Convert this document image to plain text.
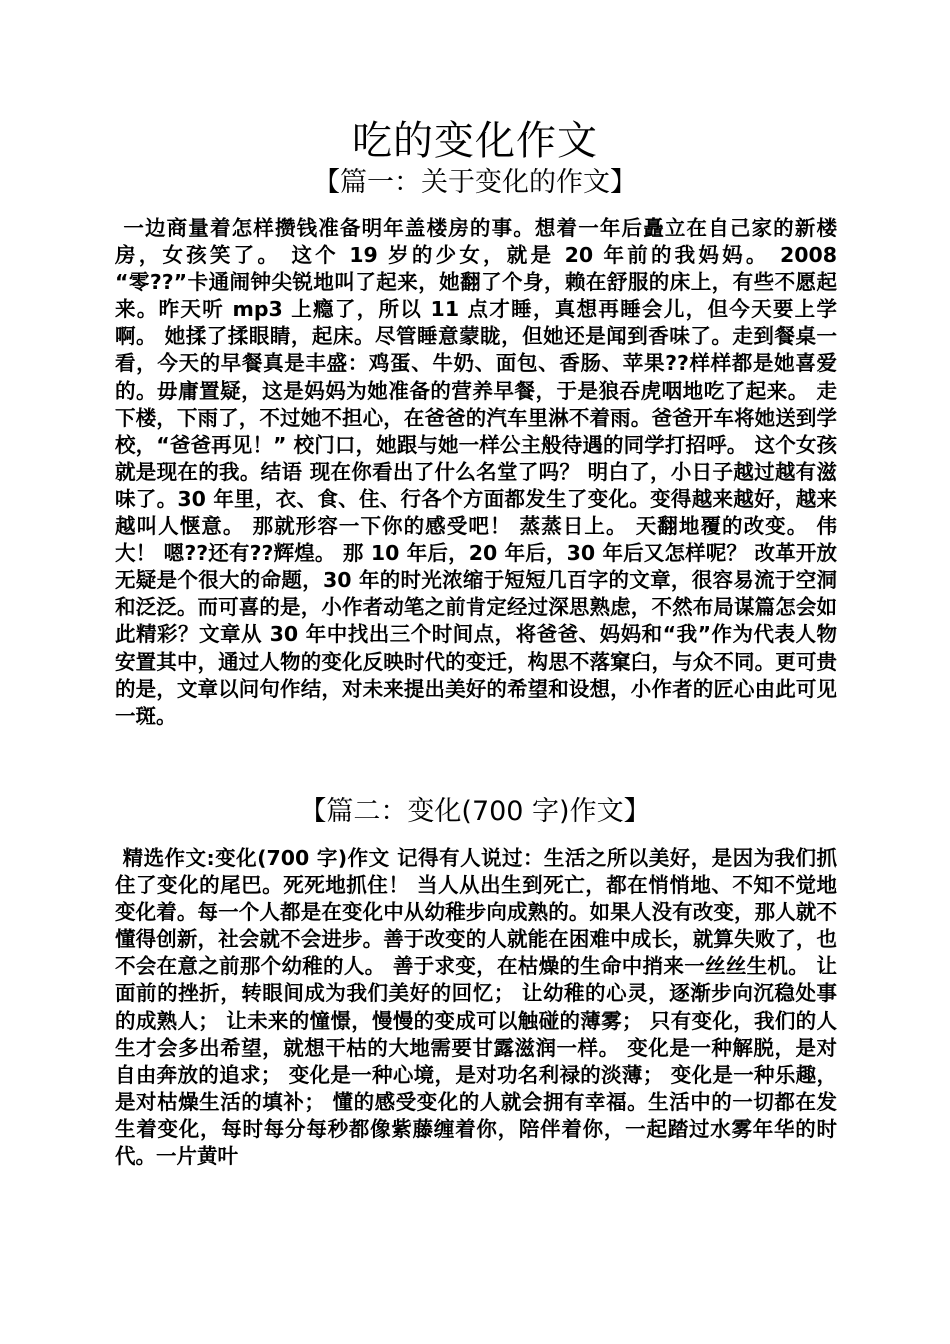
吃的变化作文
【篇一：关于变化的作文】

一边商量着怎样攒钱准备明年盖楼房的事。想着一年后矗立在自己家的新楼房，女孩笑了。 这个 19 岁的少女，就是 20 年前的我妈妈。 2008 “零??”卡通闹钟尖锐地叫了起来，她翻了个身，赖在舒服的床上，有些不愿起来。昨天听 mp3 上瘾了，所以 11 点才睡，真想再睡会儿，但今天要上学啊。 她揉了揉眼睛，起床。尽管睡意蒙眬，但她还是闻到香味了。走到餐桌一看，今天的早餐真是丰盛：鸡蛋、牛奶、面包、香肠、苹果??样样都是她喜爱的。毋庸置疑，这是妈妈为她准备的营养早餐，于是狼吞虎咽地吃了起来。 走下楼，下雨了，不过她不担心，在爸爸的汽车里淋不着雨。爸爸开车将她送到学校，“爸爸再见！” 校门口，她跟与她一样公主般待遇的同学打招呼。 这个女孩就是现在的我。结语 现在你看出了什么名堂了吗？ 明白了，小日子越过越有滋味了。30 年里，衣、食、住、行各个方面都发生了变化。变得越来越好，越来越叫人惬意。 那就形容一下你的感受吧！ 蒸蒸日上。 天翻地覆的改变。 伟大！ 嗯??还有??辉煌。 那 10 年后，20 年后，30 年后又怎样呢？ 改革开放无疑是个很大的命题，30 年的时光浓缩于短短几百字的文章，很容易流于空洞和泛泛。而可喜的是，小作者动笔之前肯定经过深思熟虑，不然布局谋篇怎会如此精彩？文章从 30 年中找出三个时间点，将爸爸、妈妈和“我”作为代表人物安置其中，通过人物的变化反映时代的变迁，构思不落窠臼，与众不同。更可贵的是，文章以问句作结，对未来提出美好的希望和设想，小作者的匠心由此可见一斑。

【篇二：变化(700 字)作文】

精选作文:变化(700 字)作文 记得有人说过：生活之所以美好，是因为我们抓住了变化的尾巴。死死地抓住！ 当人从出生到死亡，都在悄悄地、不知不觉地变化着。每一个人都是在变化中从幼稚步向成熟的。如果人没有改变，那人就不懂得创新，社会就不会进步。善于改变的人就能在困难中成长，就算失败了，也不会在意之前那个幼稚的人。 善于求变，在枯燥的生命中捎来一丝丝生机。 让面前的挫折，转眼间成为我们美好的回忆； 让幼稚的心灵，逐渐步向沉稳处事的成熟人； 让未来的憧憬，慢慢的变成可以触碰的薄雾； 只有变化，我们的人生才会多出希望，就想干枯的大地需要甘露滋润一样。 变化是一种解脱，是对自由奔放的追求； 变化是一种心境，是对功名利禄的淡薄； 变化是一种乐趣，是对枯燥生活的填补； 懂的感受变化的人就会拥有幸福。生活中的一切都在发生着变化，每时每分每秒都像紫藤缠着你，陪伴着你，一起踏过水雾年华的时代。一片黄叶
